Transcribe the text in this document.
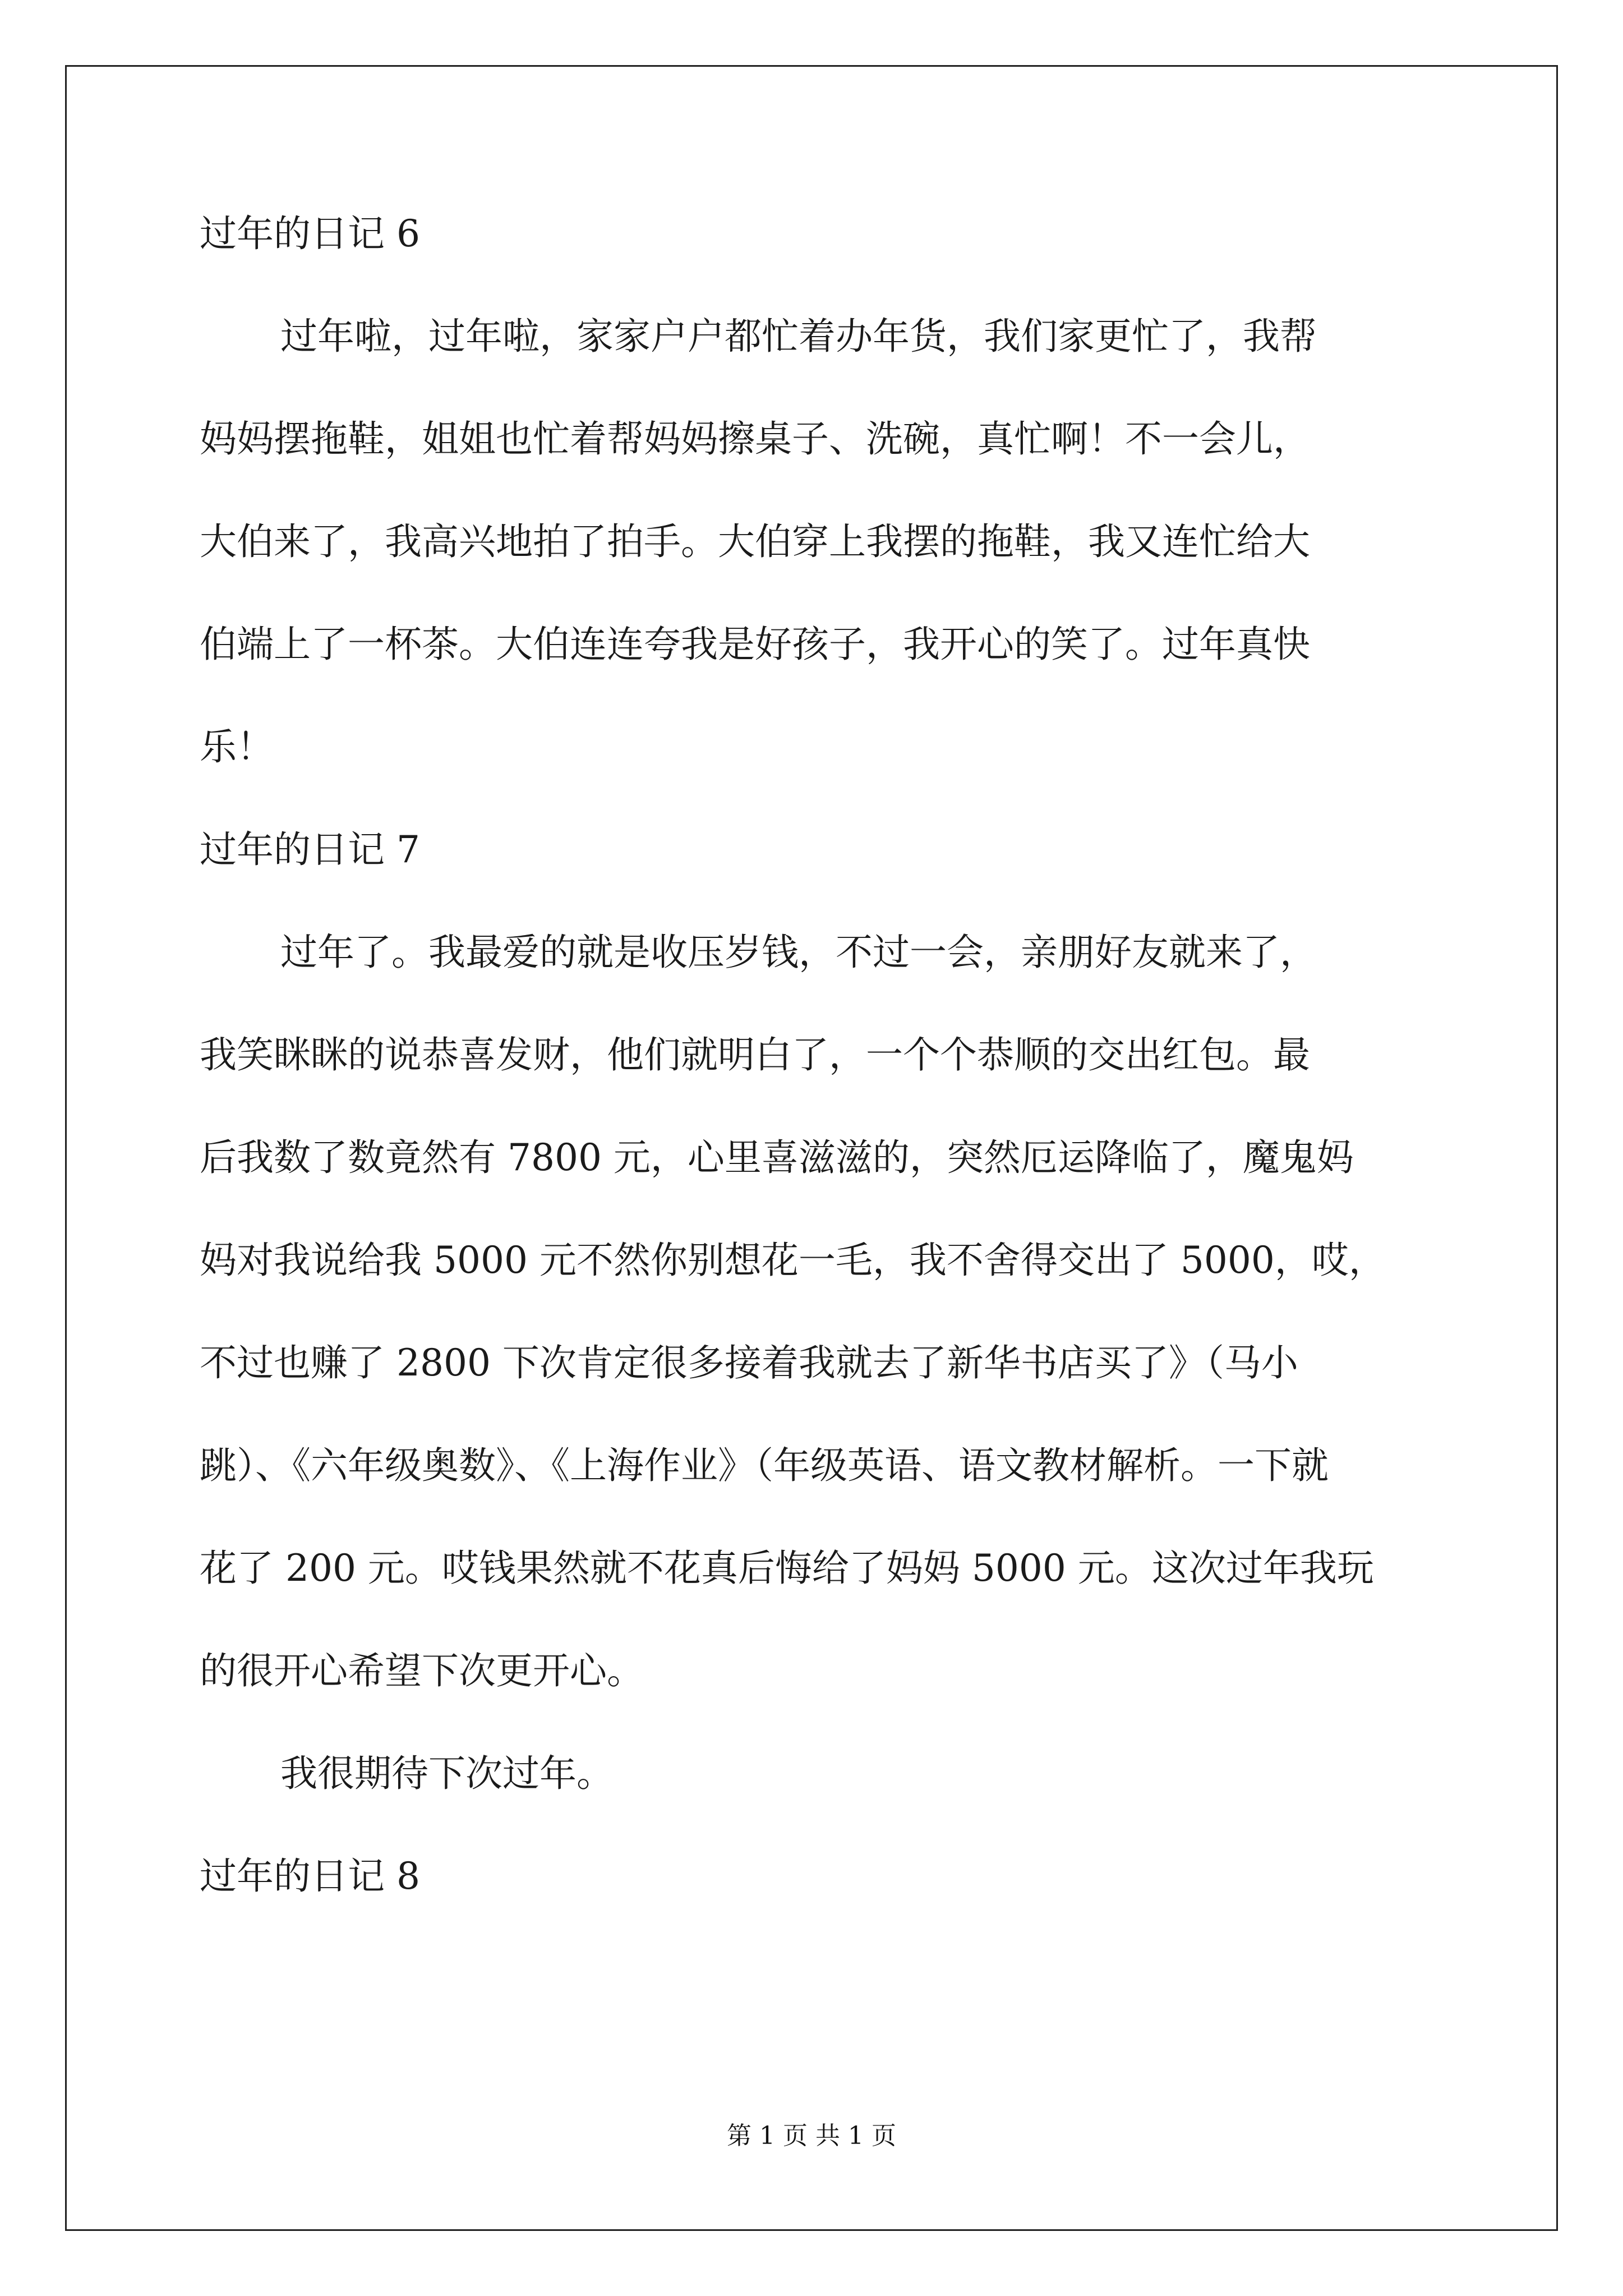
过年的日记 6
过年啦，过年啦，家家户户都忙着办年货，我们家更忙了，我帮
妈妈摆拖鞋，姐姐也忙着帮妈妈擦桌子、洗碗，真忙啊！不一会儿，
大伯来了，我高兴地拍了拍手。大伯穿上我摆的拖鞋，我又连忙给大
伯端上了一杯茶。大伯连连夸我是好孩子，我开心的笑了。过年真快
乐！
过年的日记 7
过年了。我最爱的就是收压岁钱，不过一会，亲朋好友就来了，
我笑眯眯的说恭喜发财，他们就明白了，一个个恭顺的交出红包。最
后我数了数竟然有 7800 元，心里喜滋滋的，突然厄运降临了，魔鬼妈
妈对我说给我 5000 元不然你别想花一毛，我不舍得交出了 5000，哎，
不过也赚了 2800 下次肯定很多接着我就去了新华书店买了》（马小
跳）、《六年级奥数》、《上海作业》（年级英语、语文教材解析。一下就
花了 200 元。哎钱果然就不花真后悔给了妈妈 5000 元。这次过年我玩
的很开心希望下次更开心。
我很期待下次过年。
过年的日记 8
第 1 页 共 1 页
